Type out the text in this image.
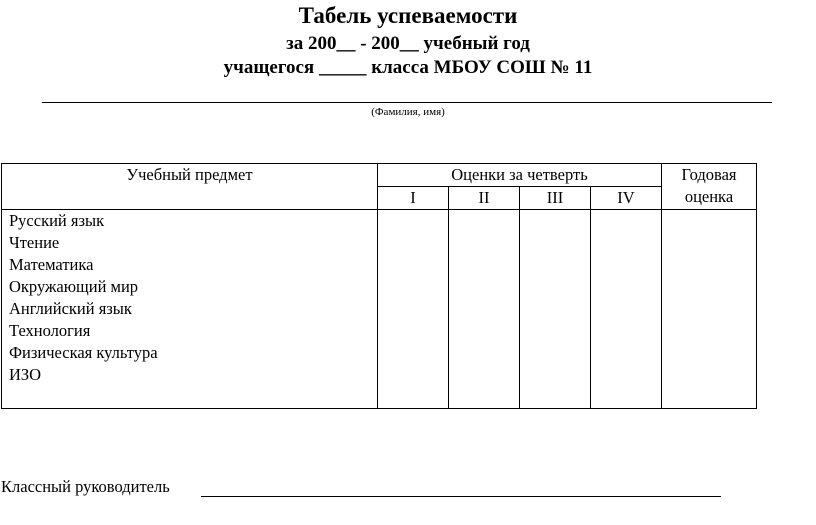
Табель успеваемости
за 200__ - 200__ учебный год
учащегося _____ класса МБОУ СОШ № 11
(Фамилия, имя)
Учебный предмет	Оценки за четверть				Годовая
оценка

	I	II	III	IV	
Русский язык					
Чтение					
Математика					
Окружающий мир					
Английский язык					
Технология					
Физическая культура					
ИЗО					

Классный руководитель
